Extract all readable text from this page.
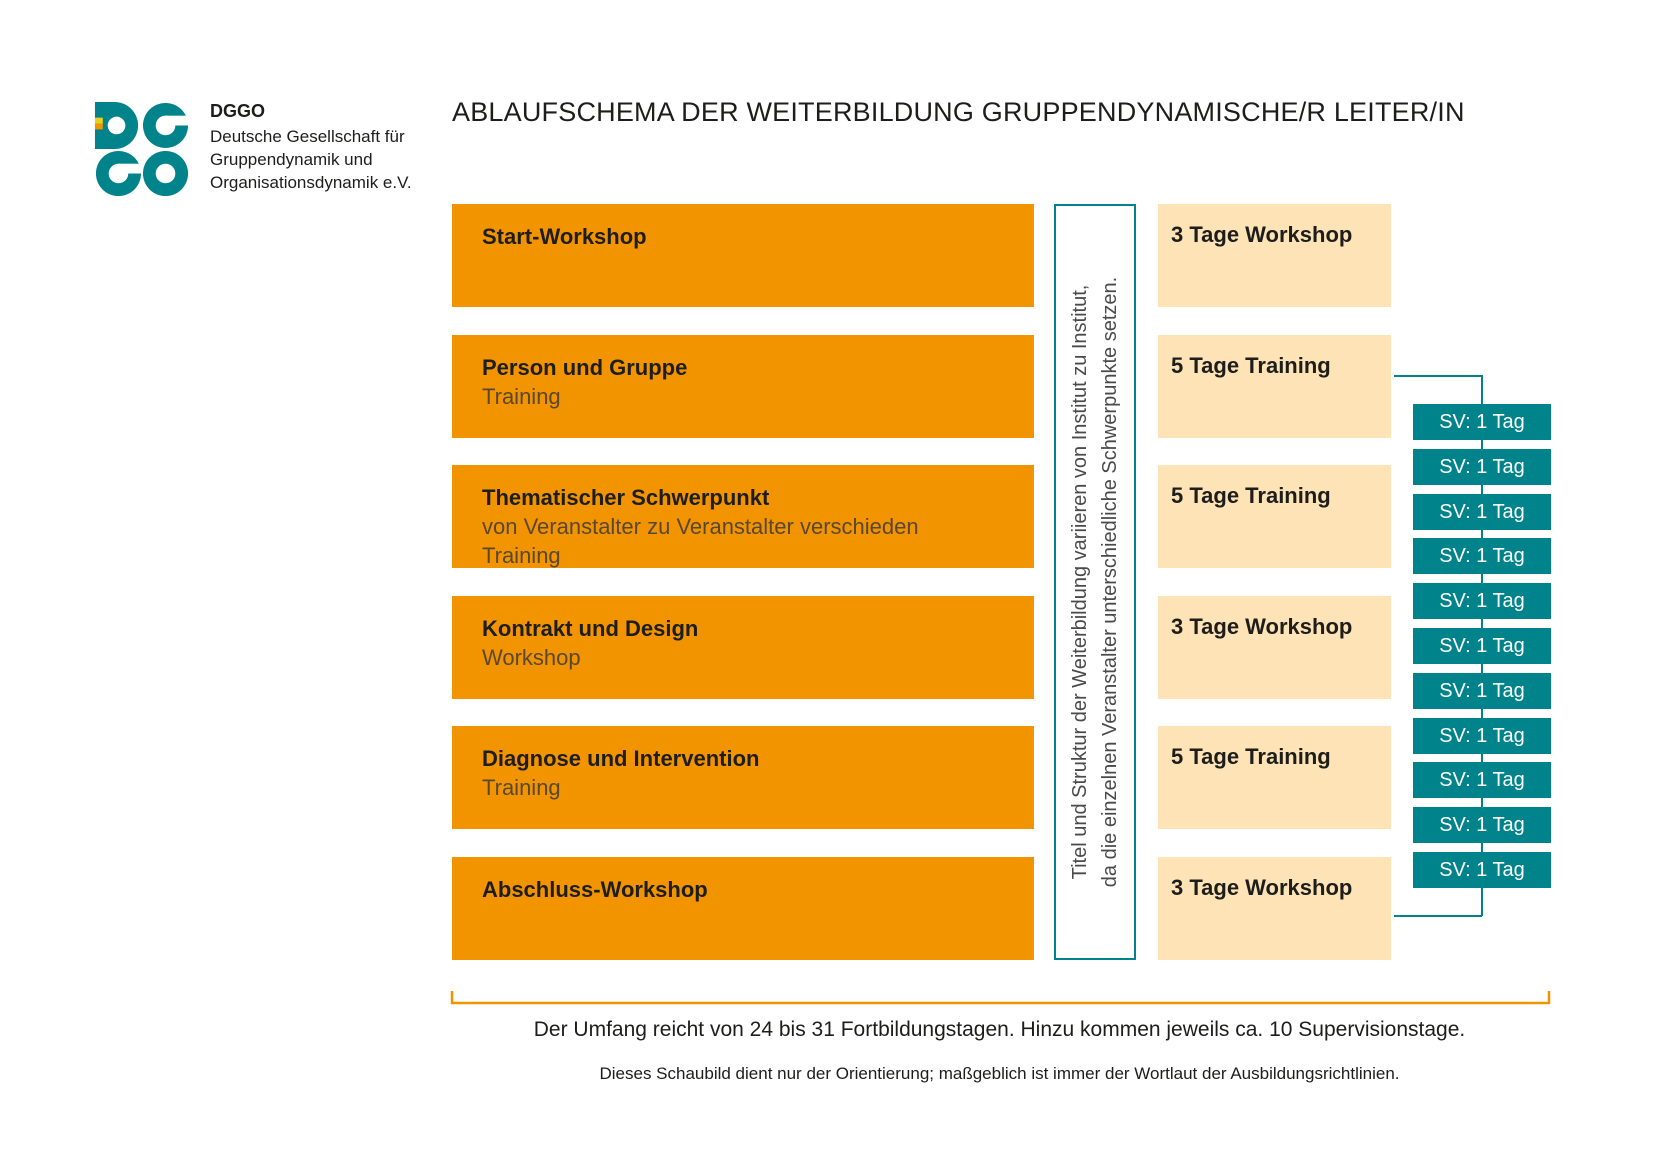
DGGO
Deutsche Gesellschaft für
Gruppendynamik und
Organisationsdynamik e.V.
ABLAUFSCHEMA DER WEITERBILDUNG GRUPPENDYNAMISCHE/R LEITER/IN
Start-Workshop
Person und Gruppe
Training
Thematischer Schwerpunkt
von Veranstalter zu Veranstalter verschieden
Training
Kontrakt und Design
Workshop
Diagnose und Intervention
Training
Abschluss-Workshop
Titel und Struktur der Weiterbildung variieren von Institut zu Institut,
da die einzelnen Veranstalter unterschiedliche Schwerpunkte setzen.
3 Tage Workshop
5 Tage Training
5 Tage Training
3 Tage Workshop
5 Tage Training
3 Tage Workshop
SV: 1 Tag
SV: 1 Tag
SV: 1 Tag
SV: 1 Tag
SV: 1 Tag
SV: 1 Tag
SV: 1 Tag
SV: 1 Tag
SV: 1 Tag
SV: 1 Tag
SV: 1 Tag
Der Umfang reicht von 24 bis 31 Fortbildungstagen. Hinzu kommen jeweils ca. 10 Supervisionstage.
Dieses Schaubild dient nur der Orientierung; maßgeblich ist immer der Wortlaut der Ausbildungsrichtlinien.
